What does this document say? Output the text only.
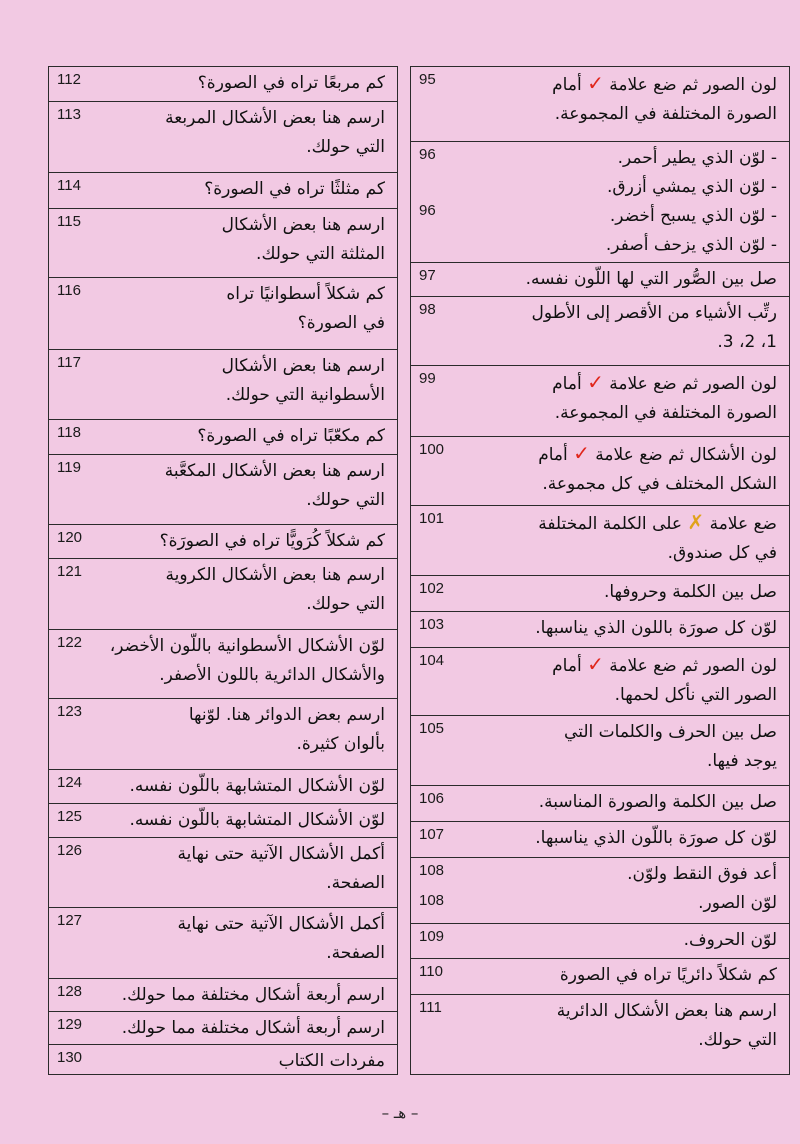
لون الصور ثم ضع علامة ✓ أمام
الصورة المختلفة في المجموعة.
95
- لوّن الذي يطير أحمر.
- لوّن الذي يمشي أزرق.
- لوّن الذي يسبح أخضر.
- لوّن الذي يزحف أصفر.
96
96
صل بين الصُّور التي لها اللّون نفسه.
97
رتِّب الأشياء من الأقصر إلى الأطول
1، 2، 3.
98
لون الصور ثم ضع علامة ✓ أمام
الصورة المختلفة في المجموعة.
99
لون الأشكال ثم ضع علامة ✓ أمام
الشكل المختلف في كل مجموعة.
100
ضع علامة ✗ على الكلمة المختلفة
في كل صندوق.
101
صل بين الكلمة وحروفها.
102
لوّن كل صورَة باللون الذي يناسبها.
103
لون الصور ثم ضع علامة ✓ أمام
الصور التي نأكل لحمها.
104
صل بين الحرف والكلمات التي
يوجد فيها.
105
صل بين الكلمة والصورة المناسبة.
106
لوّن كل صورَة باللّون الذي يناسبها.
107
أعد فوق النقط ولوّن.
لوّن الصور.
108
108
لوّن الحروف.
109
كم شكلاً دائريًا تراه في الصورة
110
ارسم هنا بعض الأشكال الدائرية
التي حولك.
111
كم مربعًا تراه في الصورة؟
112
ارسم هنا بعض الأشكال المربعة
التي حولك.
113
كم مثلثًا تراه في الصورة؟
114
ارسم هنا بعض الأشكال
المثلثة التي حولك.
115
كم شكلاً أسطوانيًا تراه
في الصورة؟
116
ارسم هنا بعض الأشكال
الأسطوانية التي حولك.
117
كم مكعّبًا تراه في الصورة؟
118
ارسم هنا بعض الأشكال المكعَّبة
التي حولك.
119
كم شكلاً كُرَويًّا تراه في الصورَة؟
120
ارسم هنا بعض الأشكال الكروية
التي حولك.
121
لوّن الأشكال الأسطوانية باللّون الأخضر،
والأشكال الدائرية باللون الأصفر.
122
ارسم بعض الدوائر هنا. لوّنها
بألوان كثيرة.
123
لوّن الأشكال المتشابهة باللّون نفسه.
124
لوّن الأشكال المتشابهة باللّون نفسه.
125
أكمل الأشكال الآتية حتى نهاية
الصفحة.
126
أكمل الأشكال الآتية حتى نهاية
الصفحة.
127
ارسم أربعة أشكال مختلفة مما حولك.
128
ارسم أربعة أشكال مختلفة مما حولك.
129
مفردات الكتاب
130
– هـ –
